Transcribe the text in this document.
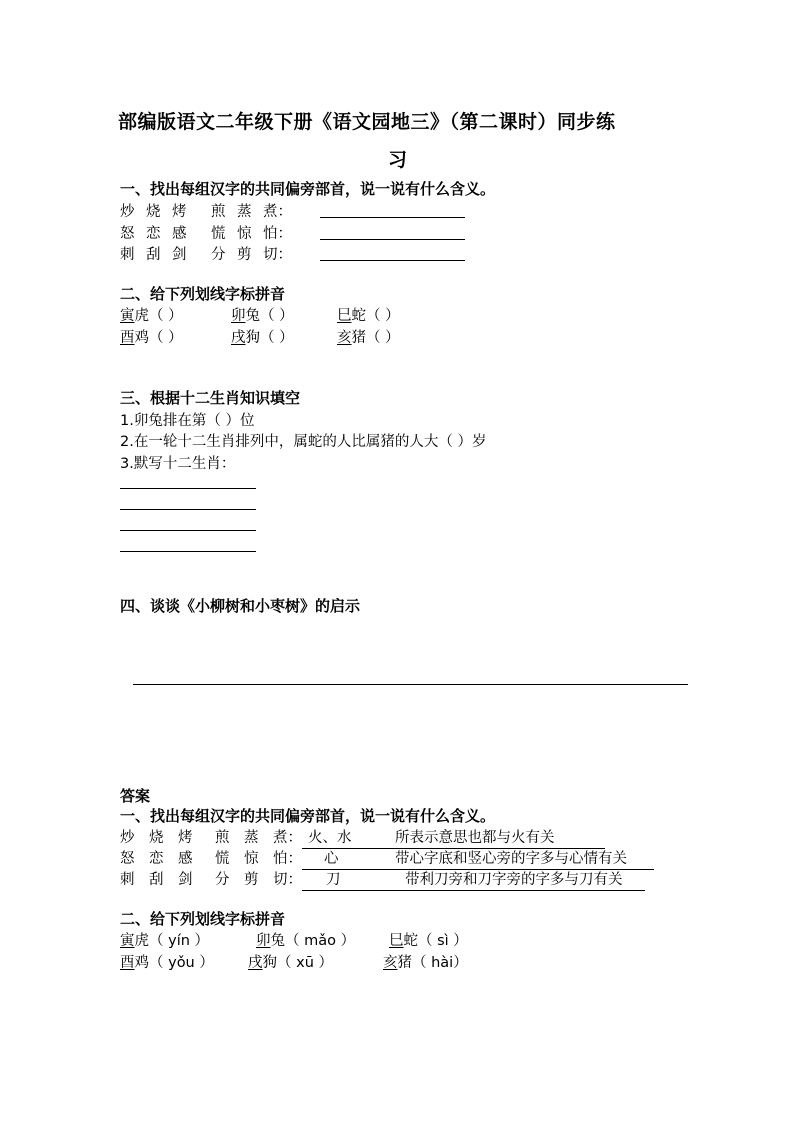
部编版语文二年级下册《语文园地三》（第二课时）同步练
习
一、找出每组汉字的共同偏旁部首，说一说有什么含义。
炒 烧 烤 煎 蒸 煮：
怒 恋 感 慌 惊 怕：
刺 刮 剑 分 剪 切：
二、给下列划线字标拼音
寅虎（ ）	卯兔（ ）	巳蛇（ ）
酉鸡（ ）	戌狗（ ）	亥猪（ ）
三、根据十二生肖知识填空
1.卯兔排在第（ ）位
2.在一轮十二生肖排列中，属蛇的人比属猪的人大（ ）岁
3.默写十二生肖：
四、谈谈《小柳树和小枣树》的启示
答案
一、找出每组汉字的共同偏旁部首，说一说有什么含义。
炒 烧 烤 煎 蒸 煮： 火、水	所表示意思也都与火有关
怒 恋 感 慌 惊 怕： 心	带心字底和竖心旁的字多与心情有关
刺 刮 剑 分 剪 切： 刀	带利刀旁和刀字旁的字多与刀有关
二、给下列划线字标拼音
寅虎（ yín ）	卯兔（ mǎo ） 巳蛇（ sì ）
酉鸡（ yǒu ） 戌狗（ xū ）	亥猪（ hài）
